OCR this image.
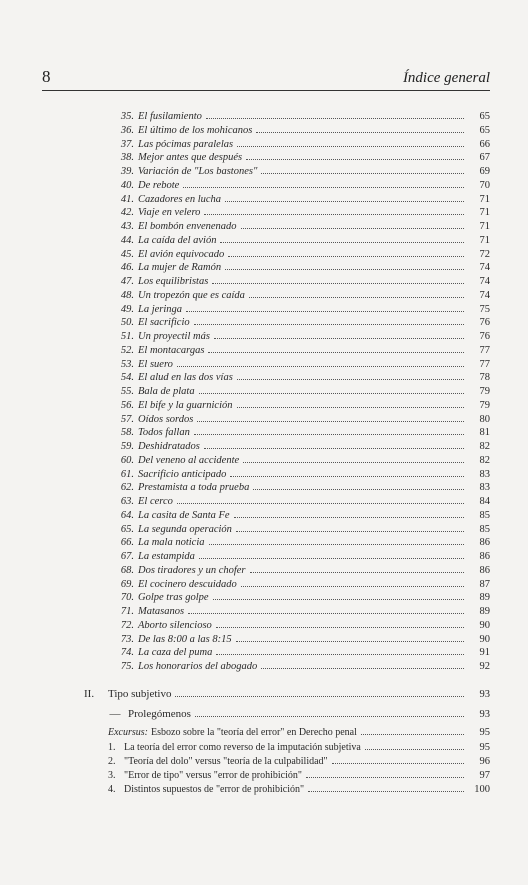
8	Índice general
35. El fusilamiento	65
36. El último de los mohicanos	65
37. Las pócimas paralelas	66
38. Mejor antes que después	67
39. Variación de "Los bastones"	69
40. De rebote	70
41. Cazadores en lucha	71
42. Viaje en velero	71
43. El bombón envenenado	71
44. La caída del avión	71
45. El avión equivocado	72
46. La mujer de Ramón	74
47. Los equilibristas	74
48. Un tropezón que es caída	74
49. La jeringa	75
50. El sacrificio	76
51. Un proyectil más	76
52. El montacargas	77
53. El suero	77
54. El alud en las dos vías	78
55. Bala de plata	79
56. El bife y la guarnición	79
57. Oídos sordos	80
58. Todos fallan	81
59. Deshidratados	82
60. Del veneno al accidente	82
61. Sacrificio anticipado	83
62. Prestamista a toda prueba	83
63. El cerco	84
64. La casita de Santa Fe	85
65. La segunda operación	85
66. La mala noticia	86
67. La estampida	86
68. Dos tiradores y un chofer	86
69. El cocinero descuidado	87
70. Golpe tras golpe	89
71. Matasanos	89
72. Aborto silencioso	90
73. De las 8:00 a las 8:15	90
74. La caza del puma	91
75. Los honorarios del abogado	92
II. Tipo subjetivo	93
— Prolegómenos	93
Excursus: Esbozo sobre la "teoría del error" en Derecho penal	95
1. La teoría del error como reverso de la imputación subjetiva	95
2. "Teoría del dolo" versus "teoría de la culpabilidad"	96
3. "Error de tipo" versus "error de prohibición"	97
4. Distintos supuestos de "error de prohibición"	100
